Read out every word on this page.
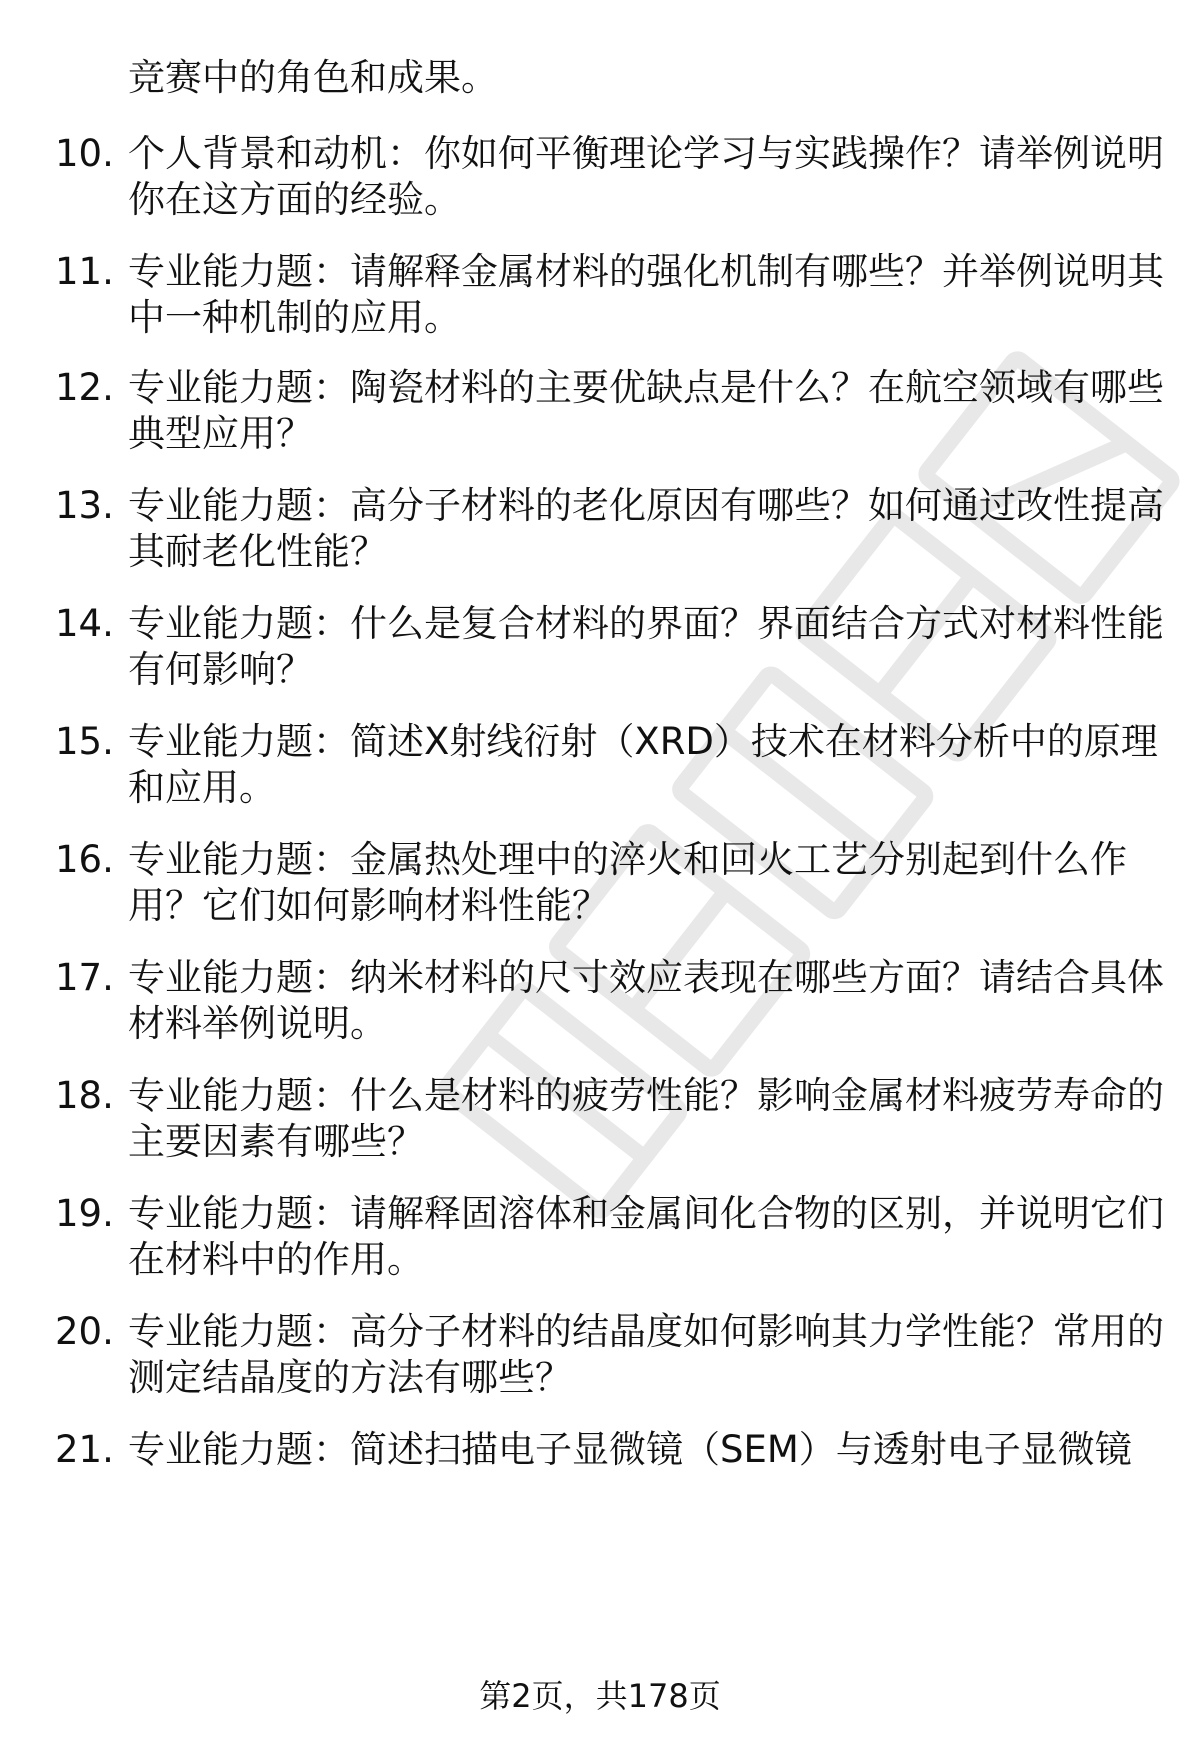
竞赛中的角色和成果。
10. 个人背景和动机：你如何平衡理论学习与实践操作？请举例说明
你在这方面的经验。
11. 专业能力题：请解释金属材料的强化机制有哪些？并举例说明其
中一种机制的应用。
12. 专业能力题：陶瓷材料的主要优缺点是什么？在航空领域有哪些
典型应用？
13. 专业能力题：高分子材料的老化原因有哪些？如何通过改性提高
其耐老化性能？
14. 专业能力题：什么是复合材料的界面？界面结合方式对材料性能
有何影响？
15. 专业能力题：简述X射线衍射（XRD）技术在材料分析中的原理
和应用。
16. 专业能力题：金属热处理中的淬火和回火工艺分别起到什么作
用？它们如何影响材料性能？
17. 专业能力题：纳米材料的尺寸效应表现在哪些方面？请结合具体
材料举例说明。
18. 专业能力题：什么是材料的疲劳性能？影响金属材料疲劳寿命的
主要因素有哪些？
19. 专业能力题：请解释固溶体和金属间化合物的区别，并说明它们
在材料中的作用。
20. 专业能力题：高分子材料的结晶度如何影响其力学性能？常用的
测定结晶度的方法有哪些？
21. 专业能力题：简述扫描电子显微镜（SEM）与透射电子显微镜
第2页，共178页
